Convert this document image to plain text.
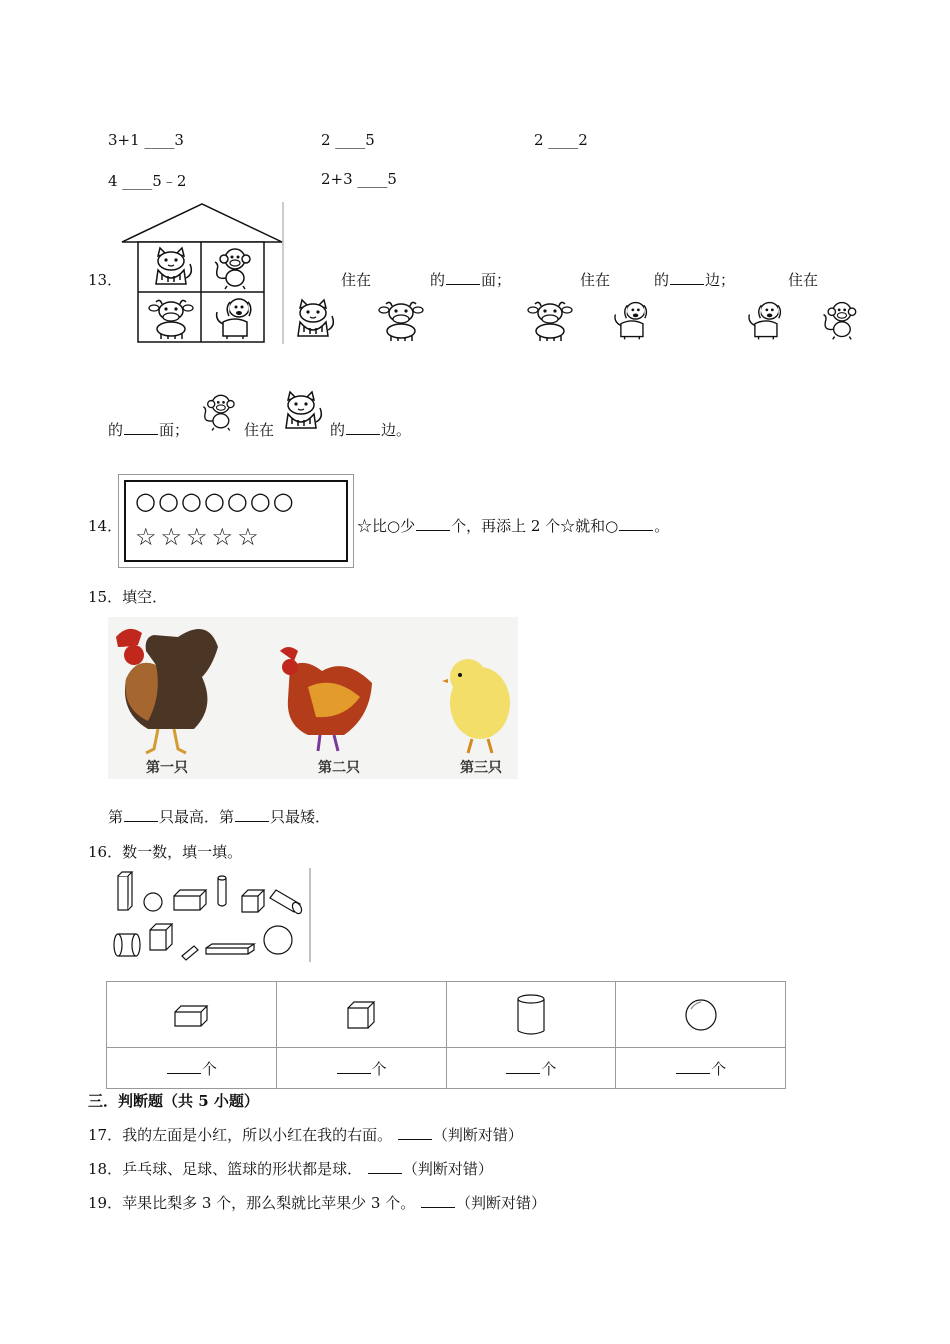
3+1 ____3	2 ____5	2 ____2
4 ____5﹣2	2+3 ____5
13．	住在	的 面；	住在	的 边；	住在
的 面；	住在	的 边。
14．
○○○○○○○
☆☆☆☆☆	☆比○少 个，再添上 2 个☆就和○ 。
15．填空．
第一只	第二只	第三只
第 只最高．第 只最矮．
16．数一数，填一填。

个	个	个	个
三．判断题（共 5 小题）
17．我的左面是小红，所以小红在我的右面。	（判断对错）
18．乒乓球、足球、篮球的形状都是球．	（判断对错）
19．苹果比梨多 3 个，那么梨就比苹果少 3 个。	（判断对错）
